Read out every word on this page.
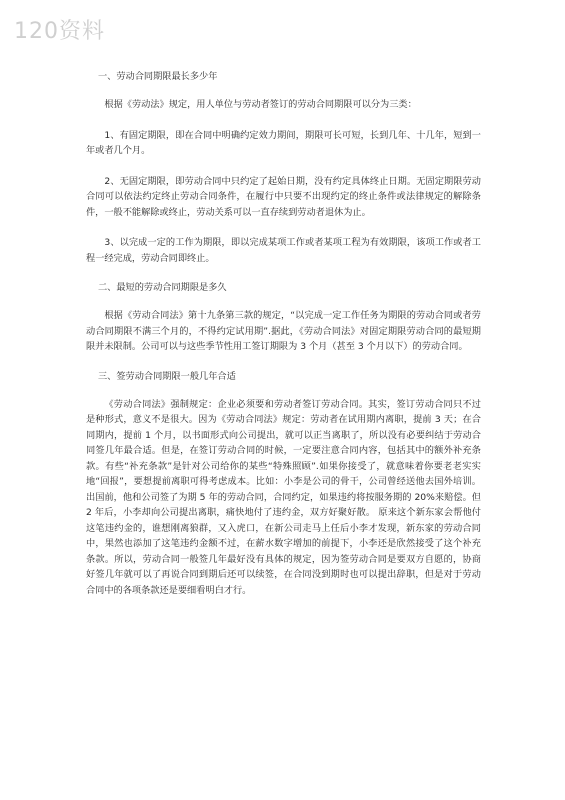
120资料
一、劳动合同期限最长多少年

根据《劳动法》规定，用人单位与劳动者签订的劳动合同期限可以分为三类：

1、有固定期限，即在合同中明确约定效力期间，期限可长可短，长到几年、十几年，短到一年或者几个月。

2、无固定期限，即劳动合同中只约定了起始日期，没有约定具体终止日期。无固定期限劳动合同可以依法约定终止劳动合同条件，在履行中只要不出现约定的终止条件或法律规定的解除条件，一般不能解除或终止，劳动关系可以一直存续到劳动者退休为止。

3、以完成一定的工作为期限，即以完成某项工作或者某项工程为有效期限，该项工作或者工程一经完成，劳动合同即终止。

二、最短的劳动合同期限是多久

根据《劳动合同法》第十九条第三款的规定，“以完成一定工作任务为期限的劳动合同或者劳动合同期限不满三个月的，不得约定试用期”.据此，《劳动合同法》对固定期限劳动合同的最短期限并未限制。公司可以与这些季节性用工签订期限为 3 个月（甚至 3 个月以下）的劳动合同。

三、签劳动合同期限一般几年合适

《劳动合同法》强制规定：企业必须要和劳动者签订劳动合同。其实，签订劳动合同只不过是种形式，意义不是很大。因为《劳动合同法》规定：劳动者在试用期内离职，提前 3 天；在合同期内，提前 1 个月，以书面形式向公司提出，就可以正当离职了，所以没有必要纠结于劳动合同签几年最合适。但是，在签订劳动合同的时候，一定要注意合同内容，包括其中的额外补充条款。有些“补充条款”是针对公司给你的某些“特殊照顾”.如果你接受了，就意味着你要老老实实地“回报”，要想提前离职可得考虑成本。比如：小李是公司的骨干，公司曾经送他去国外培训。出国前，他和公司签了为期 5 年的劳动合同，合同约定，如果违约将按服务期的 20%来赔偿。但 2 年后，小李却向公司提出离职，痛快地付了违约金，双方好聚好散。 原来这个新东家会帮他付这笔违约金的，谁想刚离狼群，又入虎口，在新公司走马上任后小李才发现，新东家的劳动合同中，果然也添加了这笔违约金额不过，在薪水数字增加的前提下，小李还是欣然接受了这个补充条款。所以，劳动合同一般签几年最好没有具体的规定，因为签劳动合同是要双方自愿的，协商好签几年就可以了再说合同到期后还可以续签，在合同没到期时也可以提出辞职，但是对于劳动合同中的各项条款还是要细看明白才行。
